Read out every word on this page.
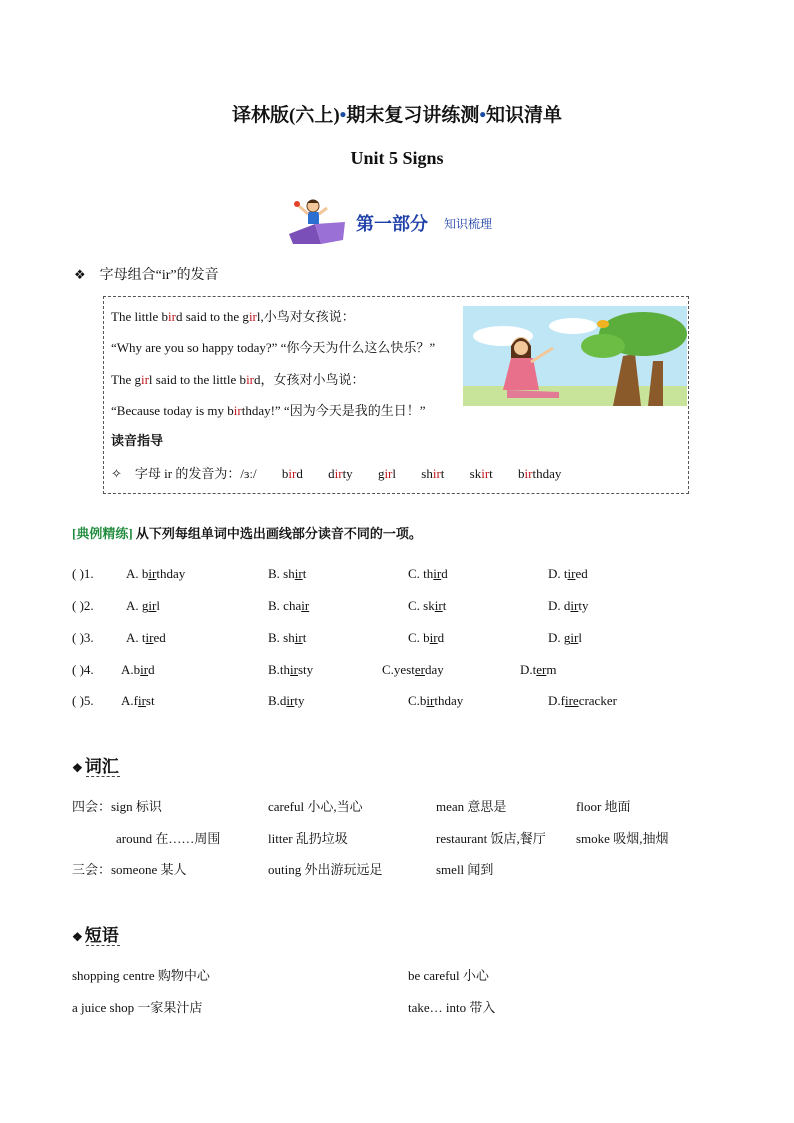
译林版(六上)•期末复习讲练测•知识清单
Unit 5 Signs
第一部分 知识梳理
❖ 字母组合“ir”的发音
The little bird said to the girl,小鸟对女孩说：
“Why are you so happy today?” “你今天为什么这么快乐？”
The girl said to the little bird，女孩对小鸟说：
“Because today is my birthday!” “因为今天是我的生日！”
读音指导
✧ 字母 ir 的发音为：/ɜː/ bird dirty girl shirt skirt birthday
[典例精练] 从下列每组单词中选出画线部分读音不同的一项。
( )1. A. birthday	B. shirt	C. third	D. tired
( )2. A. girl	B. chair	C. skirt	D. dirty
( )3. A. tired	B. shirt	C. bird	D. girl
( )4. A.bird	B.thirsty	C.yesterday	D.term
( )5. A.first	B.dirty	C.birthday	D.firecracker
❖ 词汇
四会：sign 标识	careful 小心,当心	mean 意思是	floor 地面
around 在……周围	litter 乱扔垃圾	restaurant 饭店,餐厅 smoke 吸烟,抽烟
三会：someone 某人	outing 外出游玩远足	smell 闻到
❖ 短语
shopping centre 购物中心	be careful 小心
a juice shop 一家果汁店	take… into 带入
